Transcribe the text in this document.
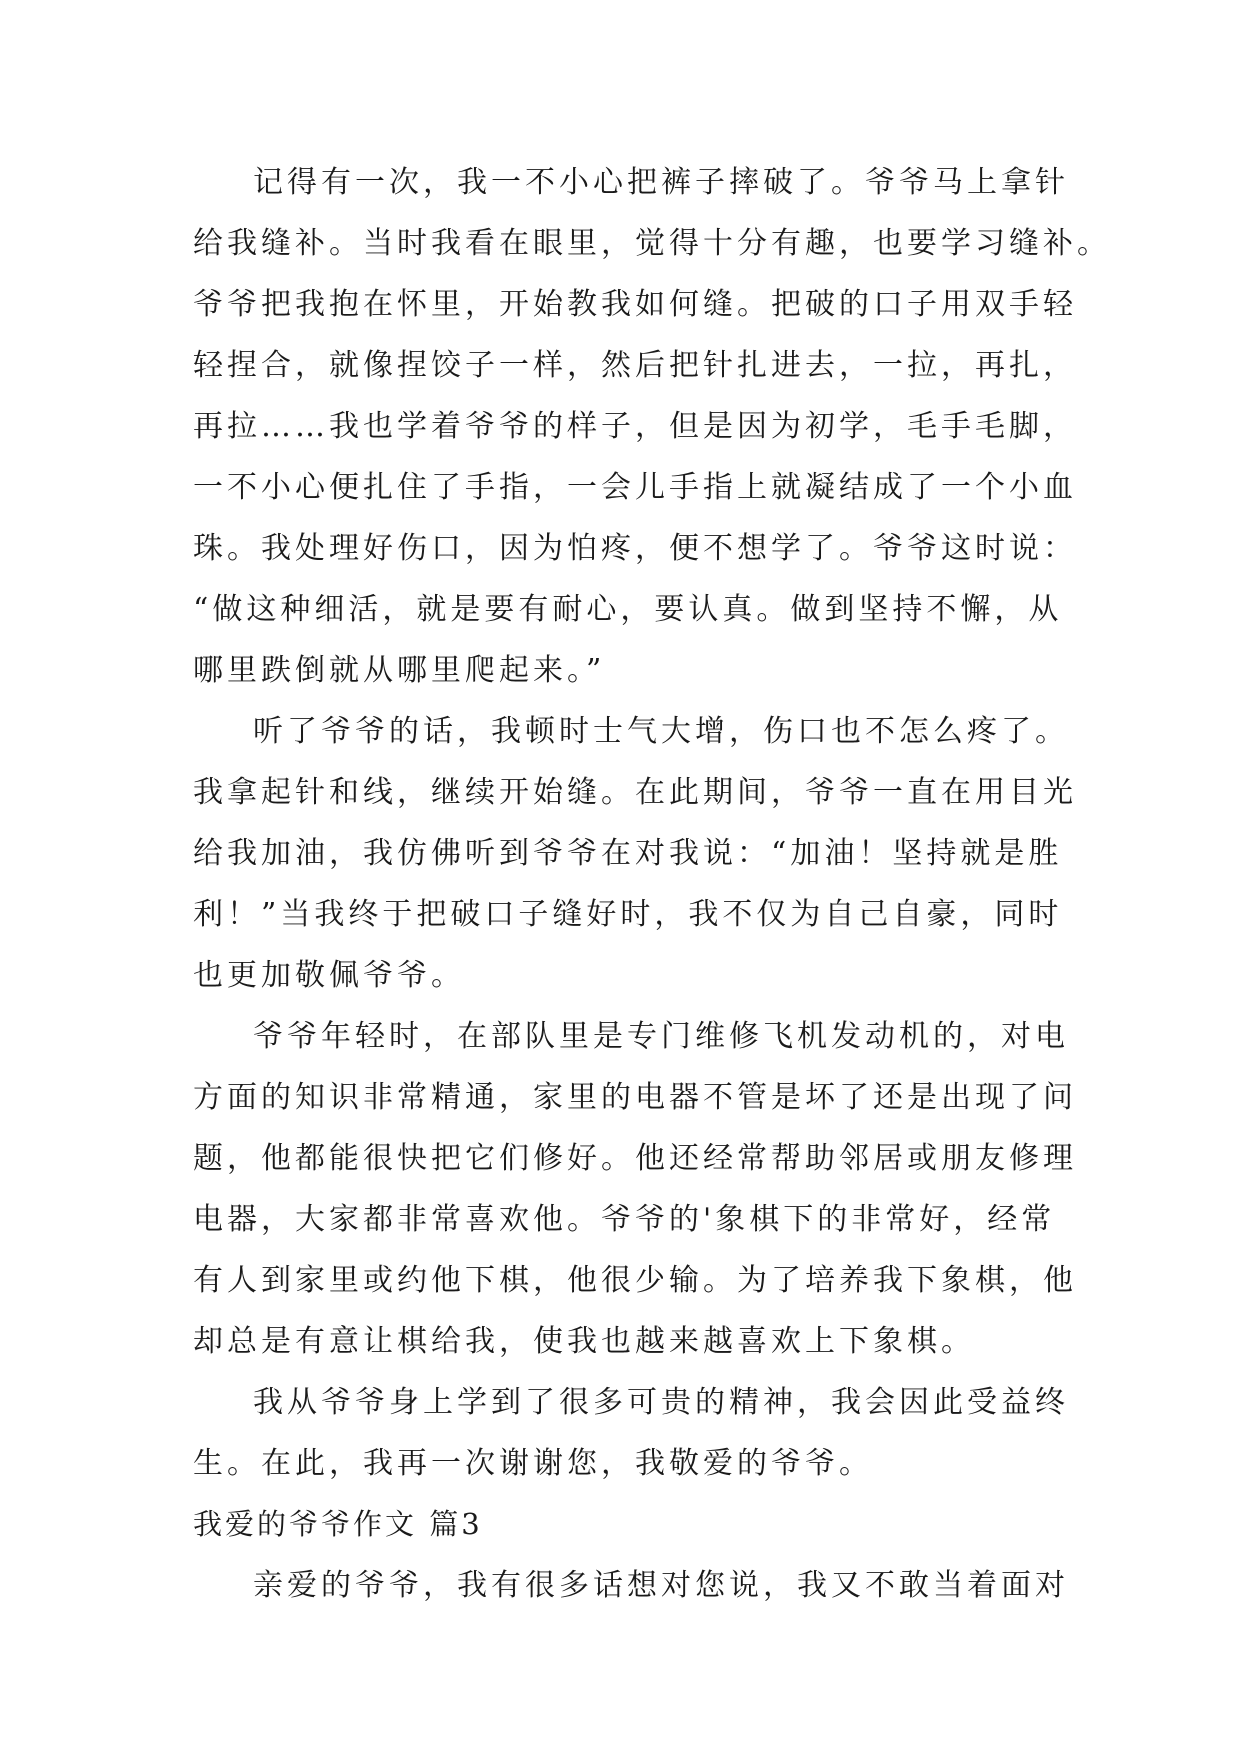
记得有一次，我一不小心把裤子摔破了。爷爷马上拿针
给我缝补。当时我看在眼里，觉得十分有趣，也要学习缝补。
爷爷把我抱在怀里，开始教我如何缝。把破的口子用双手轻
轻捏合，就像捏饺子一样，然后把针扎进去，一拉，再扎，
再拉……我也学着爷爷的样子，但是因为初学，毛手毛脚，
一不小心便扎住了手指，一会儿手指上就凝结成了一个小血
珠。我处理好伤口，因为怕疼，便不想学了。爷爷这时说：
“做这种细活，就是要有耐心，要认真。做到坚持不懈，从
哪里跌倒就从哪里爬起来。”
听了爷爷的话，我顿时士气大增，伤口也不怎么疼了。
我拿起针和线，继续开始缝。在此期间，爷爷一直在用目光
给我加油，我仿佛听到爷爷在对我说：“加油！坚持就是胜
利！”当我终于把破口子缝好时，我不仅为自己自豪，同时
也更加敬佩爷爷。
爷爷年轻时，在部队里是专门维修飞机发动机的，对电
方面的知识非常精通，家里的电器不管是坏了还是出现了问
题，他都能很快把它们修好。他还经常帮助邻居或朋友修理
电器，大家都非常喜欢他。爷爷的'象棋下的非常好，经常
有人到家里或约他下棋，他很少输。为了培养我下象棋，他
却总是有意让棋给我，使我也越来越喜欢上下象棋。
我从爷爷身上学到了很多可贵的精神，我会因此受益终
生。在此，我再一次谢谢您，我敬爱的爷爷。
我爱的爷爷作文 篇3
亲爱的爷爷，我有很多话想对您说，我又不敢当着面对
